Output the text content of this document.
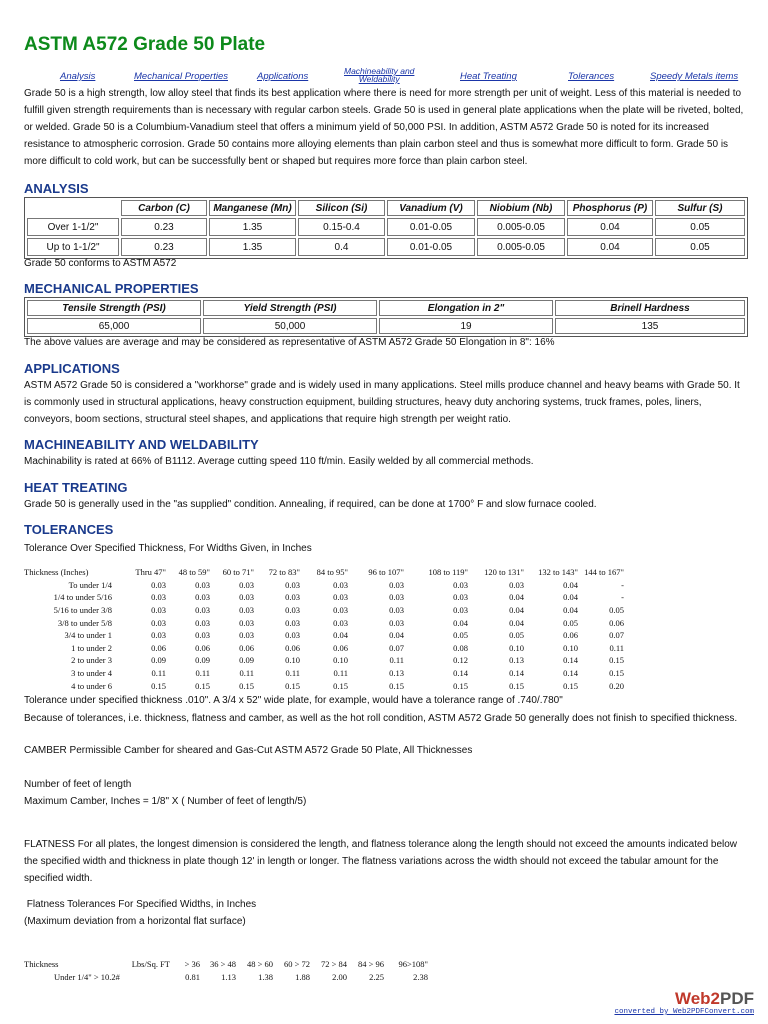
ASTM A572 Grade 50 Plate
Analysis	Mechanical Properties	Applications	Machineability and
Weldability	Heat Treating	Tolerances	Speedy Metals items

Grade 50 is a high strength, low alloy steel that finds its best application where there is need for more strength per unit of weight. Less of this material is needed to fulfill given strength requirements than is necessary with regular carbon steels. Grade 50 is used in general plate applications when the plate will be riveted, bolted, or welded. Grade 50 is a Columbium-Vanadium steel that offers a minimum yield of 50,000 PSI. In addition, ASTM A572 Grade 50 is noted for its increased resistance to atmospheric corrosion. Grade 50 contains more alloying elements than plain carbon steel and thus is somewhat more difficult to form. Grade 50 is more difficult to cold work, but can be successfully bent or shaped but requires more force than plain carbon steel.

ANALYSIS
	Carbon (C)	Manganese (Mn)	Silicon (Si)	Vanadium (V)	Niobium (Nb)	Phosphorus (P)	Sulfur (S)
Over 1-1/2"	0.23	1.35	0.15-0.4	0.01-0.05	0.005-0.05	0.04	0.05
Up to 1-1/2"	0.23	1.35	0.4	0.01-0.05	0.005-0.05	0.04	0.05

Grade 50 conforms to ASTM A572

MECHANICAL PROPERTIES
Tensile Strength (PSI)	Yield Strength (PSI)	Elongation in 2"	Brinell Hardness
65,000	50,000	19	135

The above values are average and may be considered as representative of ASTM A572 Grade 50 Elongation in 8": 16%

APPLICATIONS

ASTM A572 Grade 50 is considered a "workhorse" grade and is widely used in many applications. Steel mills produce channel and heavy beams with Grade 50. It is commonly used in structural applications, heavy construction equipment, building structures, heavy duty anchoring systems, truck frames, poles, liners, conveyors, boom sections, structural steel shapes, and applications that require high strength per weight ratio.

MACHINEABILITY AND WELDABILITY

Machinability is rated at 66% of B1112. Average cutting speed 110 ft/min. Easily welded by all commercial methods.

HEAT TREATING

Grade 50 is generally used in the "as supplied" condition. Annealing, if required, can be done at 1700° F and slow furnace cooled.

TOLERANCES

Tolerance Over Specified Thickness, For Widths Given, in Inches

Thickness (Inches)	Thru 47"	48 to 59"	60 to 71"	72 to 83"	84 to 95"	96 to 107"	108 to 119"	120 to 131"	132 to 143"	144 to 167"
To under 1/4	0.03	0.03	0.03	0.03	0.03	0.03	0.03	0.03	0.04	-
1/4 to under 5/16	0.03	0.03	0.03	0.03	0.03	0.03	0.03	0.04	0.04	-
5/16 to under 3/8	0.03	0.03	0.03	0.03	0.03	0.03	0.03	0.04	0.04	0.05
3/8 to under 5/8	0.03	0.03	0.03	0.03	0.03	0.03	0.04	0.04	0.05	0.06
3/4 to under 1	0.03	0.03	0.03	0.03	0.04	0.04	0.05	0.05	0.06	0.07
1 to under 2	0.06	0.06	0.06	0.06	0.06	0.07	0.08	0.10	0.10	0.11
2 to under 3	0.09	0.09	0.09	0.10	0.10	0.11	0.12	0.13	0.14	0.15
3 to under 4	0.11	0.11	0.11	0.11	0.11	0.13	0.14	0.14	0.14	0.15
4 to under 6	0.15	0.15	0.15	0.15	0.15	0.15	0.15	0.15	0.15	0.20

Tolerance under specified thickness .010". A 3/4 x 52" wide plate, for example, would have a tolerance range of .740/.780"

Because of tolerances, i.e. thickness, flatness and camber, as well as the hot roll condition, ASTM A572 Grade 50 generally does not finish to specified thickness.

CAMBER Permissible Camber for sheared and Gas-Cut ASTM A572 Grade 50 Plate, All Thicknesses

Number of feet of length

Maximum Camber, Inches = 1/8" X ( Number of feet of length/5)

FLATNESS For all plates, the longest dimension is considered the length, and flatness tolerance along the length should not exceed the amounts indicated below the specified width and thickness in plate though 12' in length or longer. The flatness variations across the width should not exceed the tabular amount for the specified width.

Flatness Tolerances For Specified Widths, in Inches

(Maximum deviation from a horizontal flat surface)

Thickness	Lbs/Sq. FT	> 36	36 > 48	48 > 60	60 > 72	72 > 84	84 > 96	96>108"
Under 1/4" > 10.2#		0.81	1.13	1.38	1.88	2.00	2.25	2.38
Web2PDF
converted by Web2PDFConvert.com
